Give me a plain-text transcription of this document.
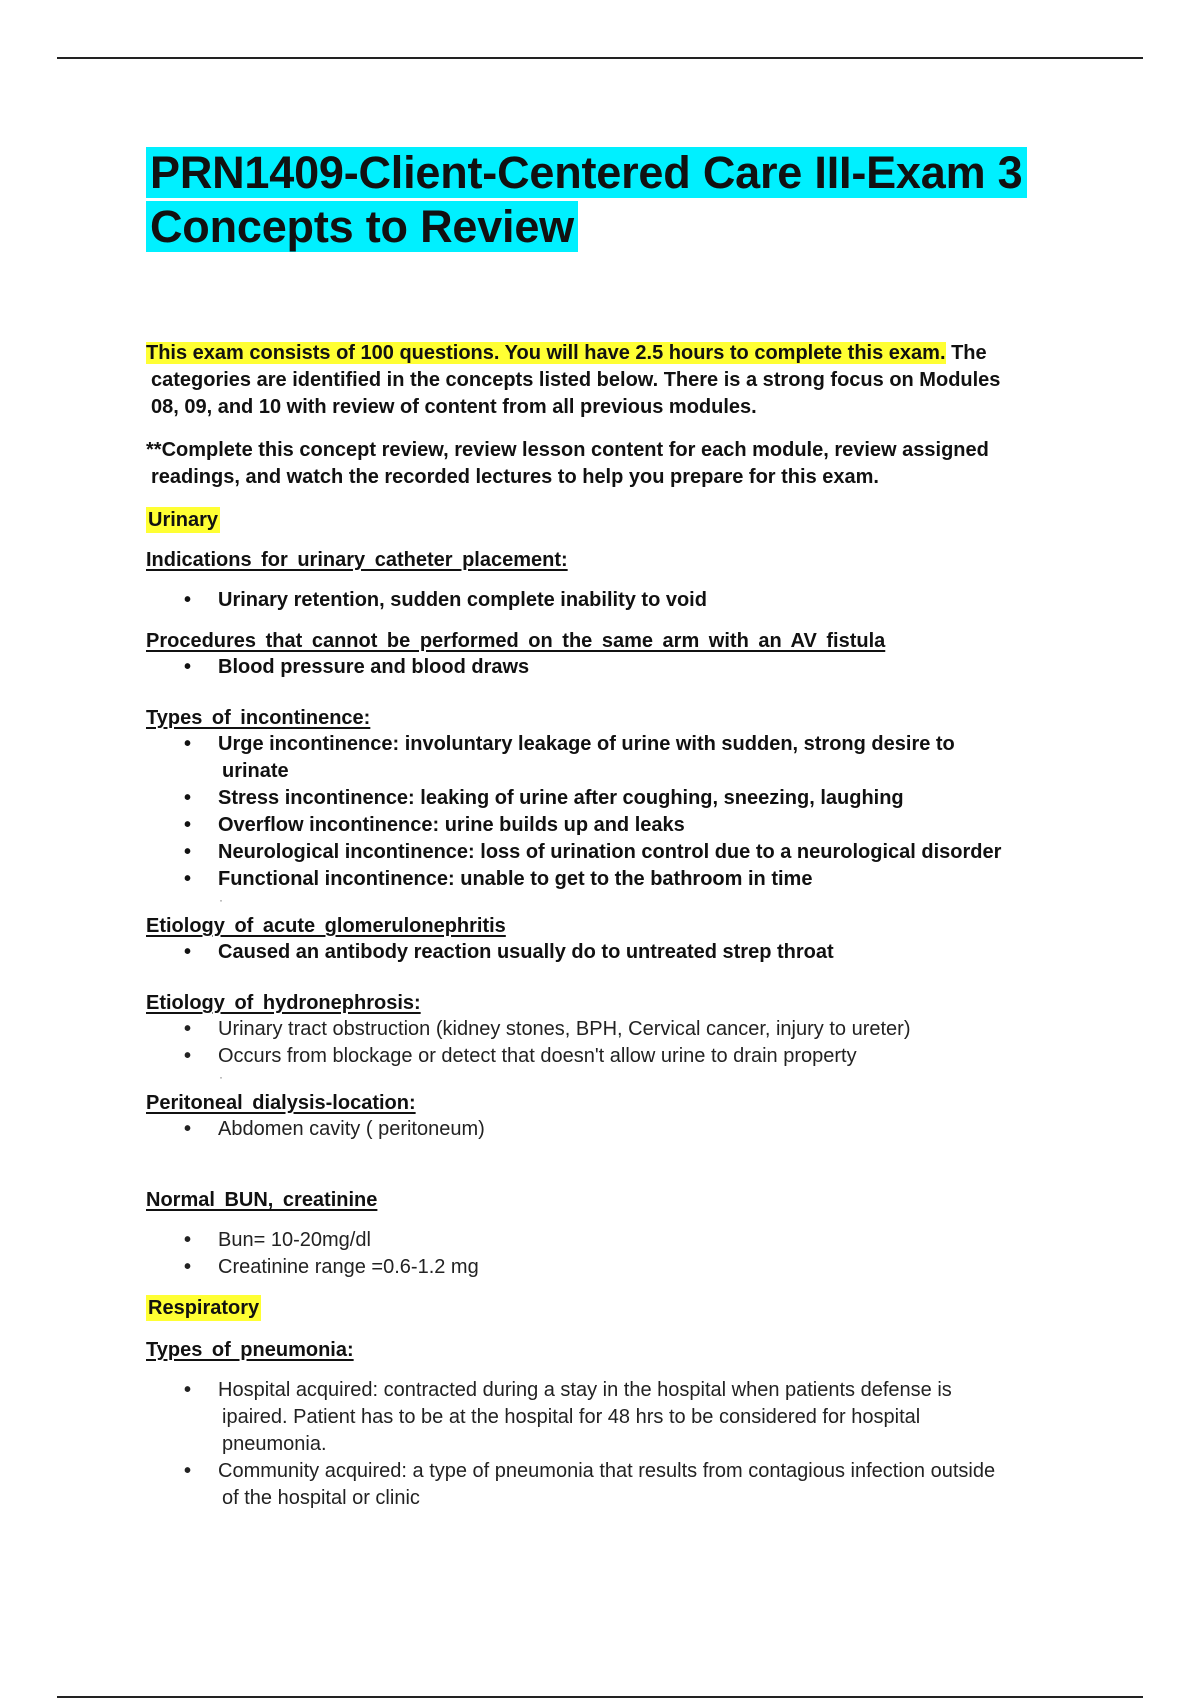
PRN1409-Client-Centered Care III-Exam 3
Concepts to Review

This exam consists of 100 questions. You will have 2.5 hours to complete this exam. The

categories are identified in the concepts listed below. There is a strong focus on Modules

08, 09, and 10 with review of content from all previous modules.

**Complete this concept review, review lesson content for each module, review assigned
readings, and watch the recorded lectures to help you prepare for this exam.
Urinary
Indications for urinary catheter placement:
• Urinary retention, sudden complete inability to void
Procedures that cannot be performed on the same arm with an AV fistula
• Blood pressure and blood draws
Types of incontinence:
• Urge incontinence: involuntary leakage of urine with sudden, strong desire to
urinate
• Stress incontinence: leaking of urine after coughing, sneezing, laughing
• Overflow incontinence: urine builds up and leaks
• Neurological incontinence: loss of urination control due to a neurological disorder
• Functional incontinence: unable to get to the bathroom in time
·
Etiology of acute glomerulonephritis
• Caused an antibody reaction usually do to untreated strep throat
Etiology of hydronephrosis:
• Urinary tract obstruction (kidney stones, BPH, Cervical cancer, injury to ureter)
• Occurs from blockage or detect that doesn't allow urine to drain property
·
Peritoneal dialysis-location:
• Abdomen cavity ( peritoneum)
Normal BUN, creatinine
• Bun= 10-20mg/dl
• Creatinine range =0.6-1.2 mg
Respiratory
Types of pneumonia:
• Hospital acquired: contracted during a stay in the hospital when patients defense is
ipaired. Patient has to be at the hospital for 48 hrs to be considered for hospital
pneumonia.
• Community acquired: a type of pneumonia that results from contagious infection outside
of the hospital or clinic
